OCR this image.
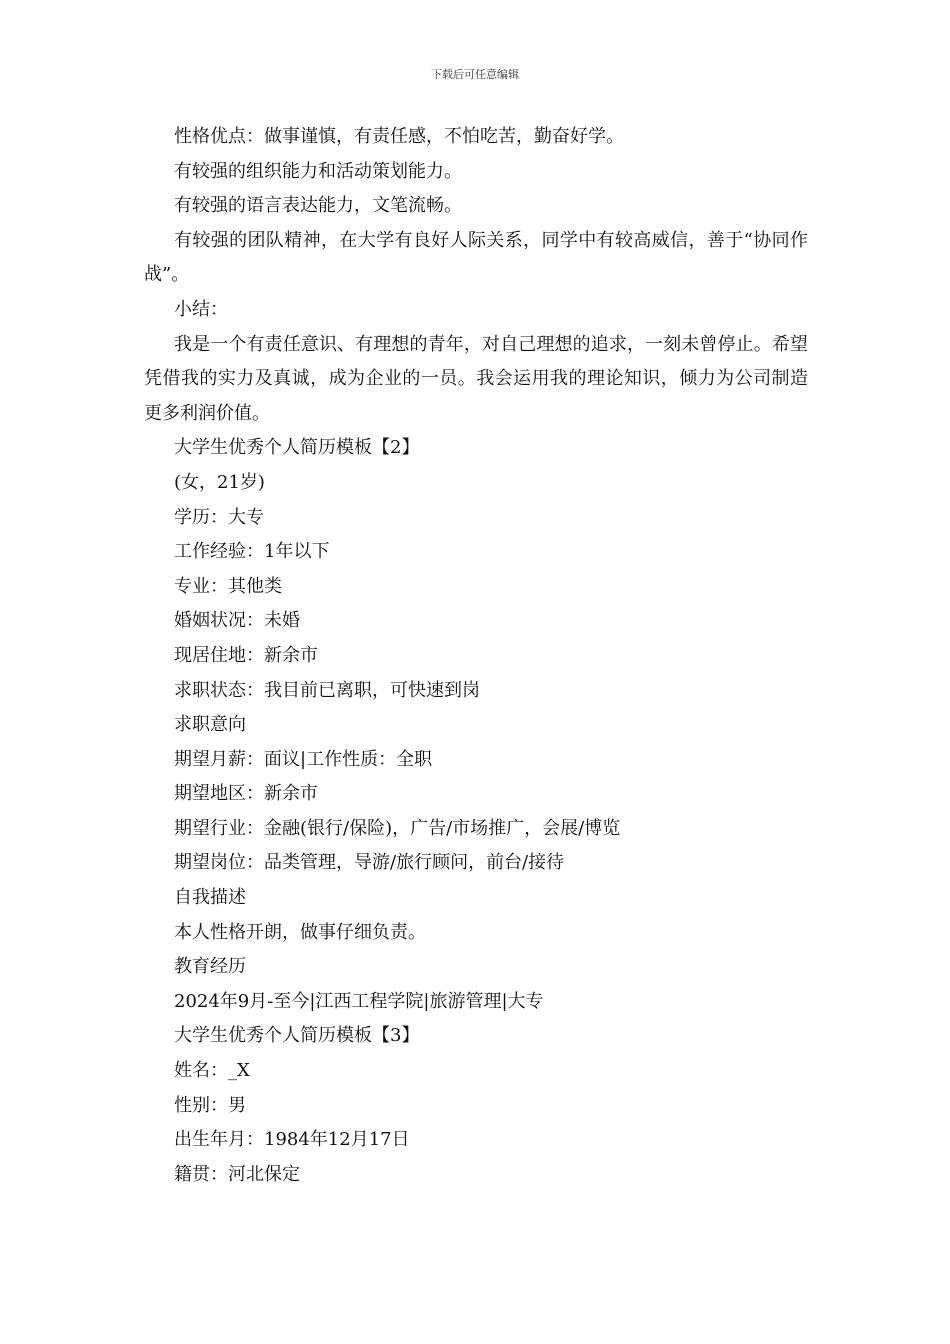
下载后可任意编辑

性格优点：做事谨慎，有责任感，不怕吃苦，勤奋好学。

有较强的组织能力和活动策划能力。

有较强的语言表达能力，文笔流畅。

有较强的团队精神，在大学有良好人际关系，同学中有较高威信，善于“协同作战”。

小结：

我是一个有责任意识、有理想的青年，对自己理想的追求，一刻未曾停止。希望凭借我的实力及真诚，成为企业的一员。我会运用我的理论知识，倾力为公司制造更多利润价值。

大学生优秀个人简历模板【2】

(女，21岁)

学历：大专

工作经验：1年以下

专业：其他类

婚姻状况：未婚

现居住地：新余市

求职状态：我目前已离职，可快速到岗

求职意向

期望月薪：面议|工作性质：全职

期望地区：新余市

期望行业：金融(银行/保险)，广告/市场推广，会展/博览

期望岗位：品类管理，导游/旅行顾问，前台/接待

自我描述

本人性格开朗，做事仔细负责。

教育经历

2024年9月-至今|江西工程学院|旅游管理|大专

大学生优秀个人简历模板【3】

姓名：_X

性别：男

出生年月：1984年12月17日

籍贯：河北保定
